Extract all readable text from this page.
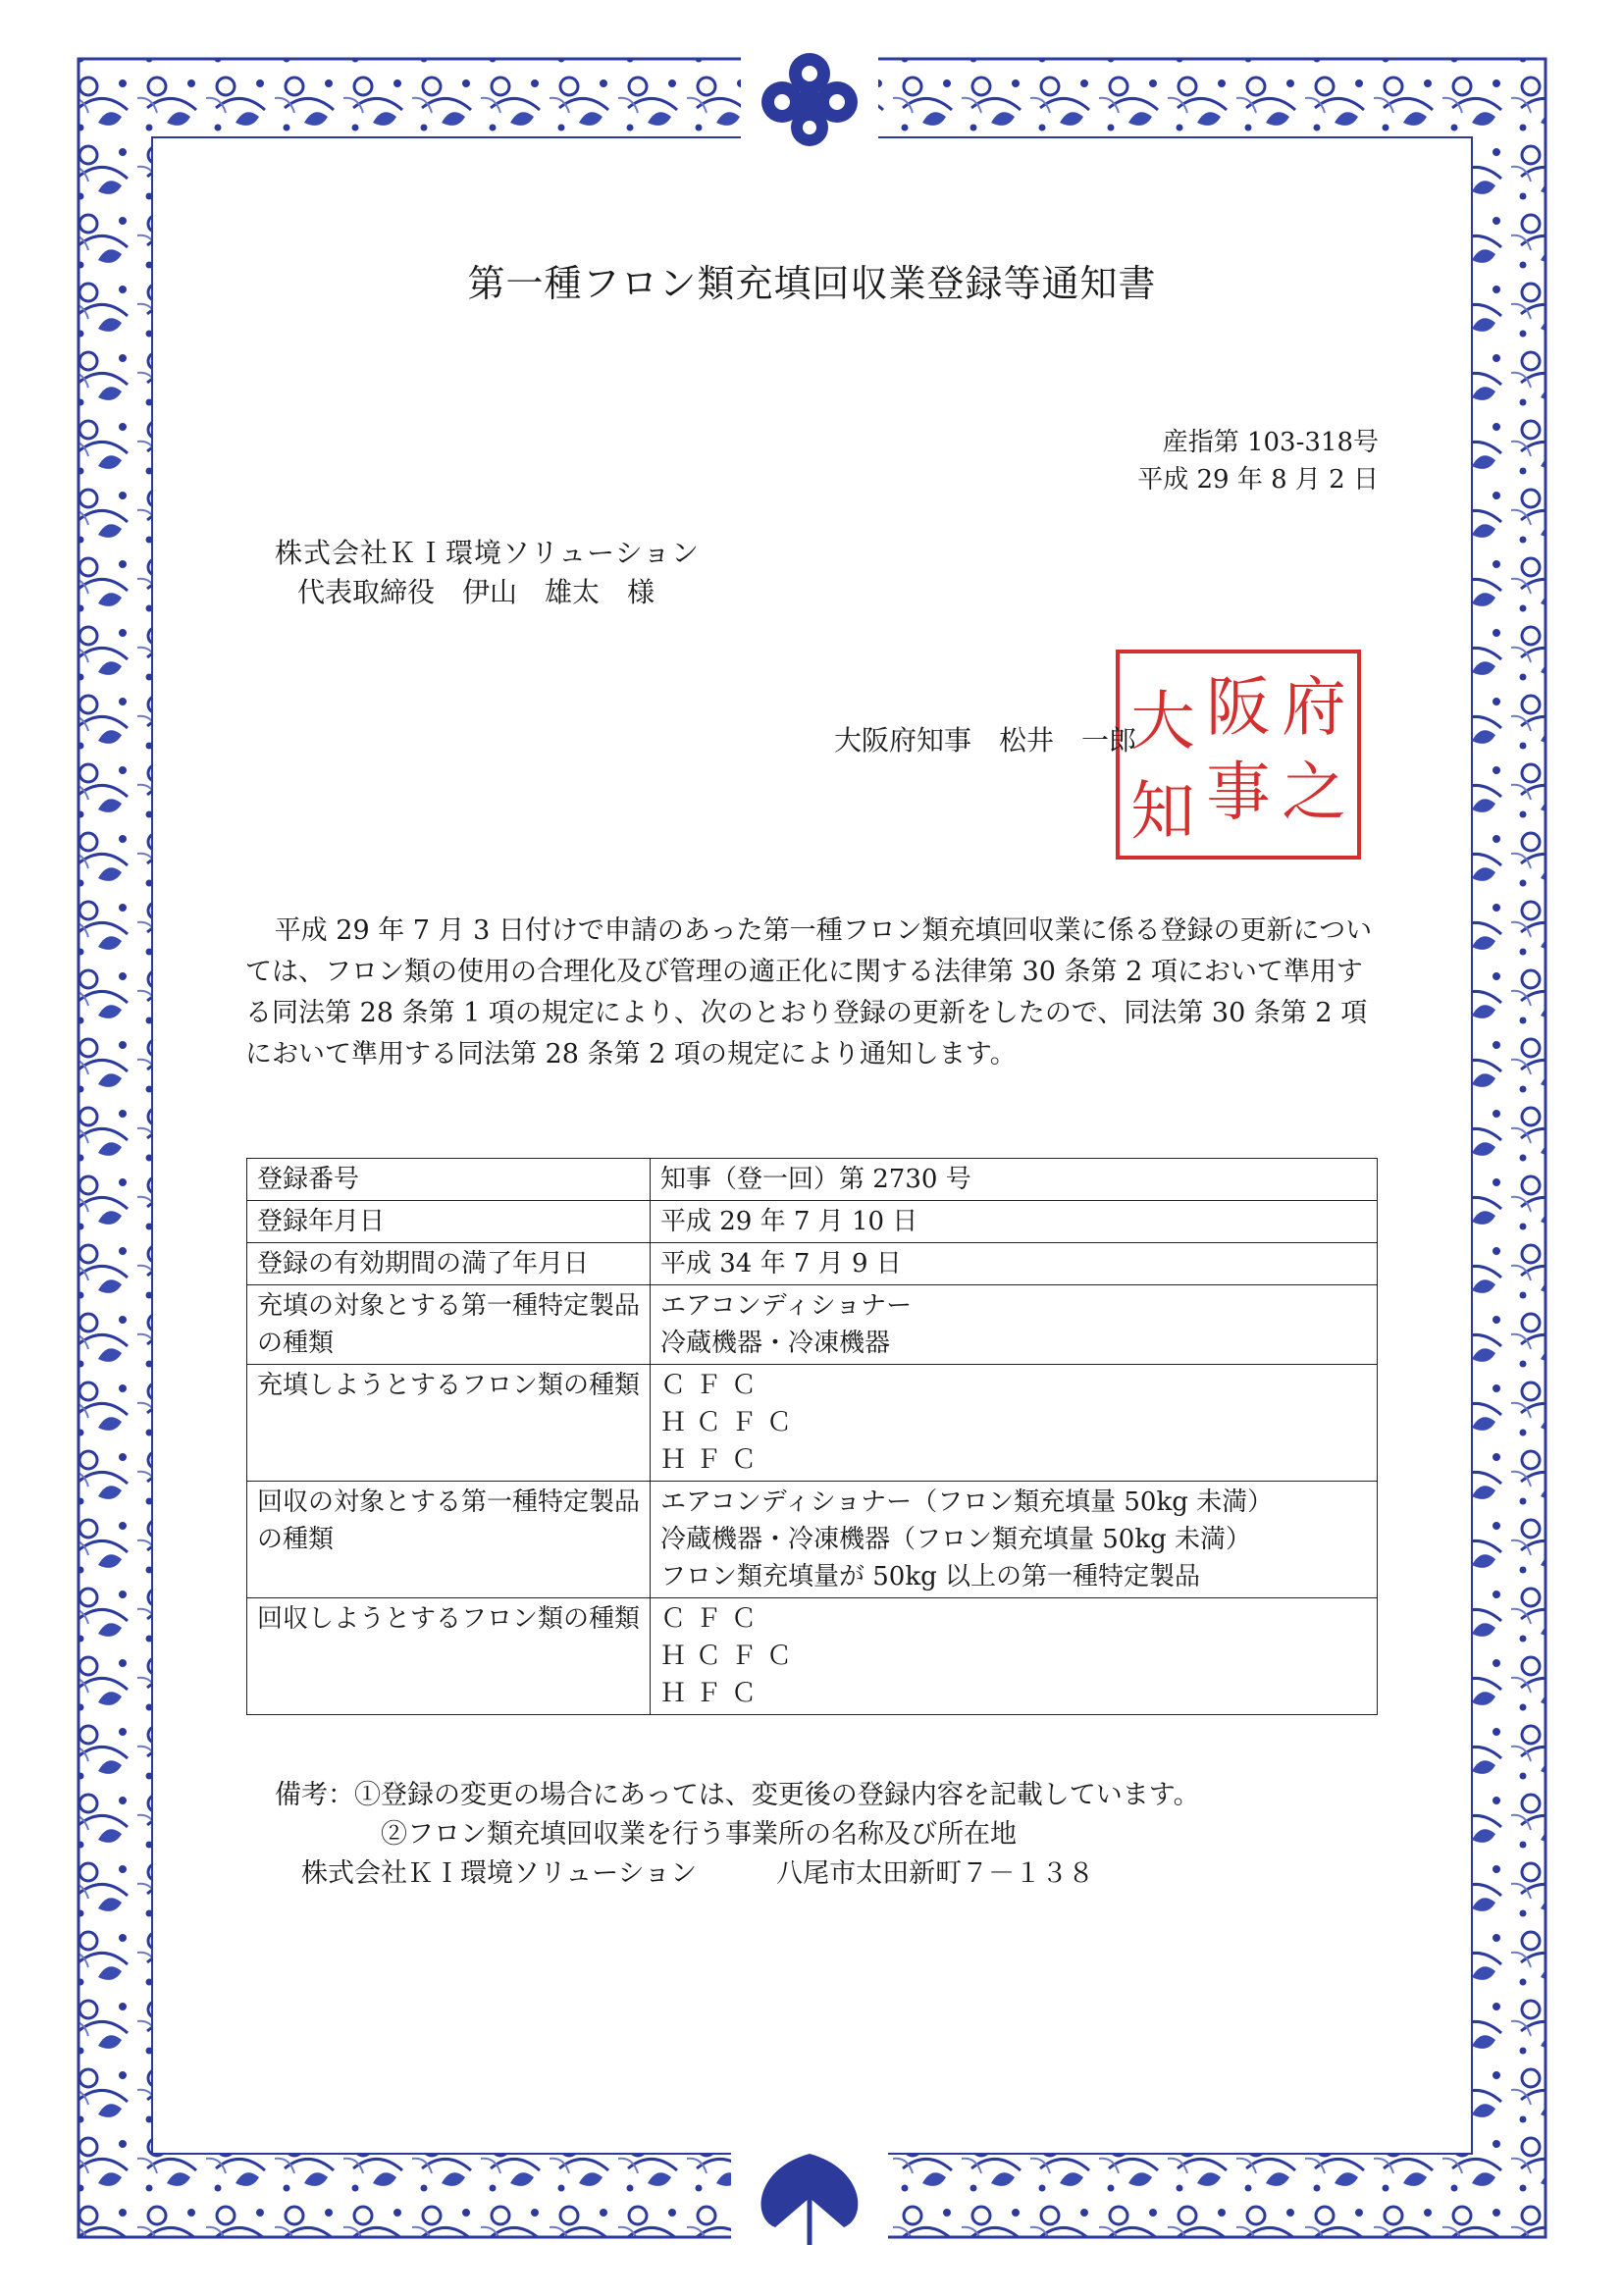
第一種フロン類充填回収業登録等通知書
産指第 103-318号
平成 29 年 8 月 2 日
株式会社ＫＩ環境ソリューション
代表取締役　伊山　雄太　様
府
阪
大
之
事
知
大阪府知事　松井　一郎

平成 29 年 7 月 3 日付けで申請のあった第一種フロン類充填回収業に係る登録の更新については、フロン類の使用の合理化及び管理の適正化に関する法律第 30 条第 2 項において準用する同法第 28 条第 1 項の規定により、次のとおり登録の更新をしたので、同法第 30 条第 2 項において準用する同法第 28 条第 2 項の規定により通知します。

登録番号	知事（登一回）第 2730 号
登録年月日	平成 29 年 7 月 10 日
登録の有効期間の満了年月日	平成 34 年 7 月 9 日
充填の対象とする第一種特定製品の種類	エアコンディショナー
冷蔵機器・冷凍機器
充填しようとするフロン類の種類	ＣＦＣ
ＨＣＦＣ
ＨＦＣ
回収の対象とする第一種特定製品の種類	エアコンディショナー（フロン類充填量 50kg 未満）
冷蔵機器・冷凍機器（フロン類充填量 50kg 未満）
フロン類充填量が 50kg 以上の第一種特定製品
回収しようとするフロン類の種類	ＣＦＣ
ＨＣＦＣ
ＨＦＣ
備考：①登録の変更の場合にあっては、変更後の登録内容を記載しています。
　　　　②フロン類充填回収業を行う事業所の名称及び所在地
　株式会社ＫＩ環境ソリューション　　　八尾市太田新町７－１３８
